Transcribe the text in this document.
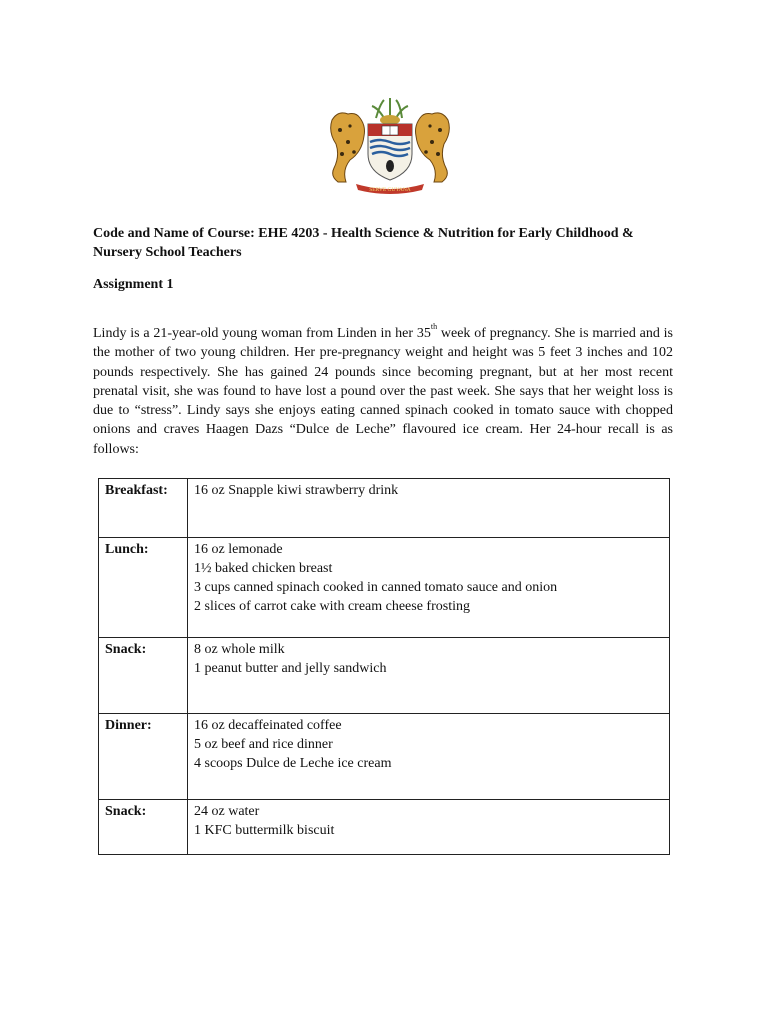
SERVE GUYANA
Code and Name of Course: EHE 4203 - Health Science & Nutrition for Early Childhood & Nursery School Teachers
Assignment 1
Lindy is a 21-year-old young woman from Linden in her 35th week of pregnancy. She is married and is the mother of two young children. Her pre-pregnancy weight and height was 5 feet 3 inches and 102 pounds respectively. She has gained 24 pounds since becoming pregnant, but at her most recent prenatal visit, she was found to have lost a pound over the past week. She says that her weight loss is due to “stress”. Lindy says she enjoys eating canned spinach cooked in tomato sauce with chopped onions and craves Haagen Dazs “Dulce de Leche” flavoured ice cream. Her 24-hour recall is as follows:
Breakfast:	16 oz Snapple kiwi strawberry drink

Lunch:	16 oz lemonade
1½ baked chicken breast
3 cups canned spinach cooked in canned tomato sauce and onion
2 slices of carrot cake with cream cheese frosting

Snack:	8 oz whole milk
1 peanut butter and jelly sandwich

Dinner:	16 oz decaffeinated coffee
5 oz beef and rice dinner
4 scoops Dulce de Leche ice cream

Snack:	24 oz water
1 KFC buttermilk biscuit
